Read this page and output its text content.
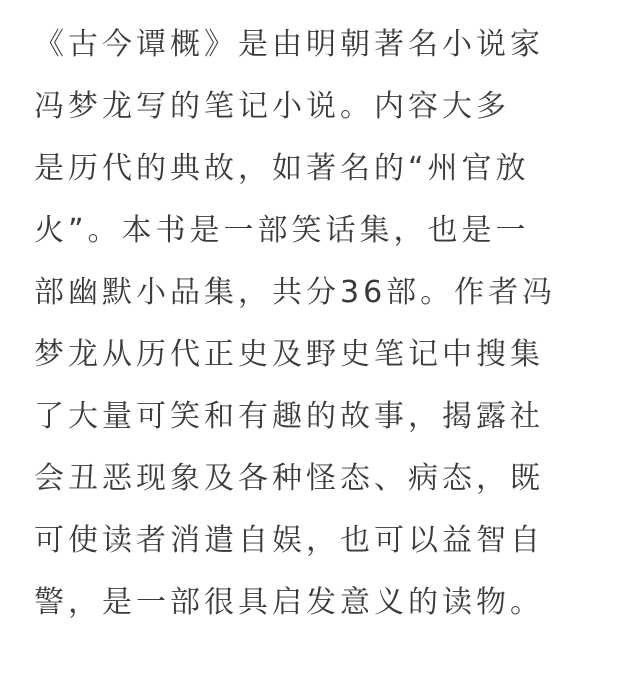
《古今谭概》是由明朝著名小说家
冯梦龙写的笔记小说。内容大多
是历代的典故，如著名的“州官放
火”。本书是一部笑话集，也是一
部幽默小品集，共分36部。作者冯
梦龙从历代正史及野史笔记中搜集
了大量可笑和有趣的故事，揭露社
会丑恶现象及各种怪态、病态，既
可使读者消遣自娱，也可以益智自
警，是一部很具启发意义的读物。
